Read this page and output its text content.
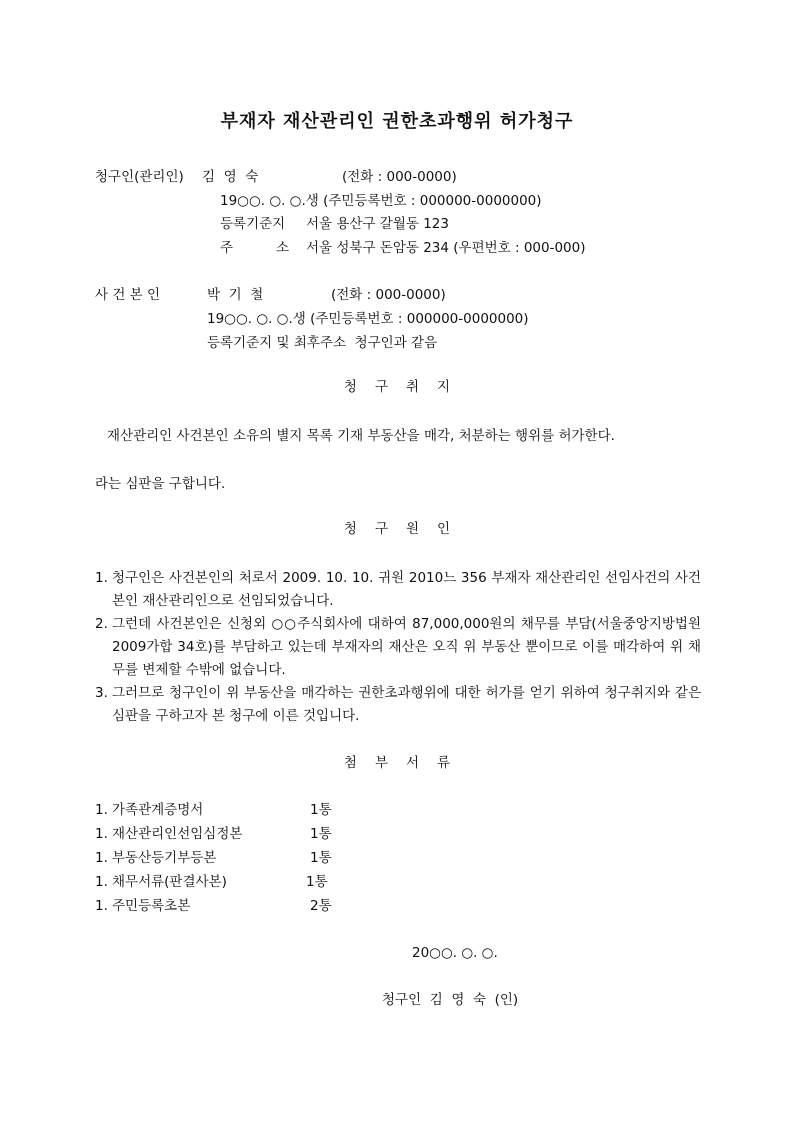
부재자 재산관리인 권한초과행위 허가청구
청구인(관리인) 김  영  숙	(전화 : 000-0000)
19○○. ○. ○.생 (주민등록번호 : 000000-0000000)
등록기준지 서울 용산구 갈월동 123
주          소 서울 성북구 돈암동 234 (우편번호 : 000-000)
사 건 본 인	박  기  철	(전화 : 000-0000)
19○○. ○. ○.생 (주민등록번호 : 000000-0000000)
등록기준지 및 최후주소  청구인과 같음
청구취지
재산관리인 사건본인 소유의 별지 목록 기재 부동산을 매각, 처분하는 행위를 허가한다.
라는 심판을 구합니다.
청구원인
1. 청구인은 사건본인의 처로서 2009. 10. 10. 귀원 2010느 356 부재자 재산관리인 선임사건의 사건본인 재산관리인으로 선임되었습니다.
2. 그런데 사건본인은 신청외 ○○주식회사에 대하여 87,000,000원의 채무를 부담(서울중앙지방법원 2009가합 34호)를 부담하고 있는데 부재자의 재산은 오직 위 부동산 뿐이므로 이를 매각하여 위 채무를 변제할 수밖에 없습니다.
3. 그러므로 청구인이 위 부동산을 매각하는 권한초과행위에 대한 허가를 얻기 위하여 청구취지와 같은 심판을 구하고자 본 청구에 이른 것입니다.
첨부서류
1. 가족관계증명서	1통
1. 재산관리인선임심정본	1통
1. 부동산등기부등본	1통
1. 채무서류(판결사본)	1통
1. 주민등록초본	2통
20○○. ○. ○.
청구인  김  영  숙  (인)
